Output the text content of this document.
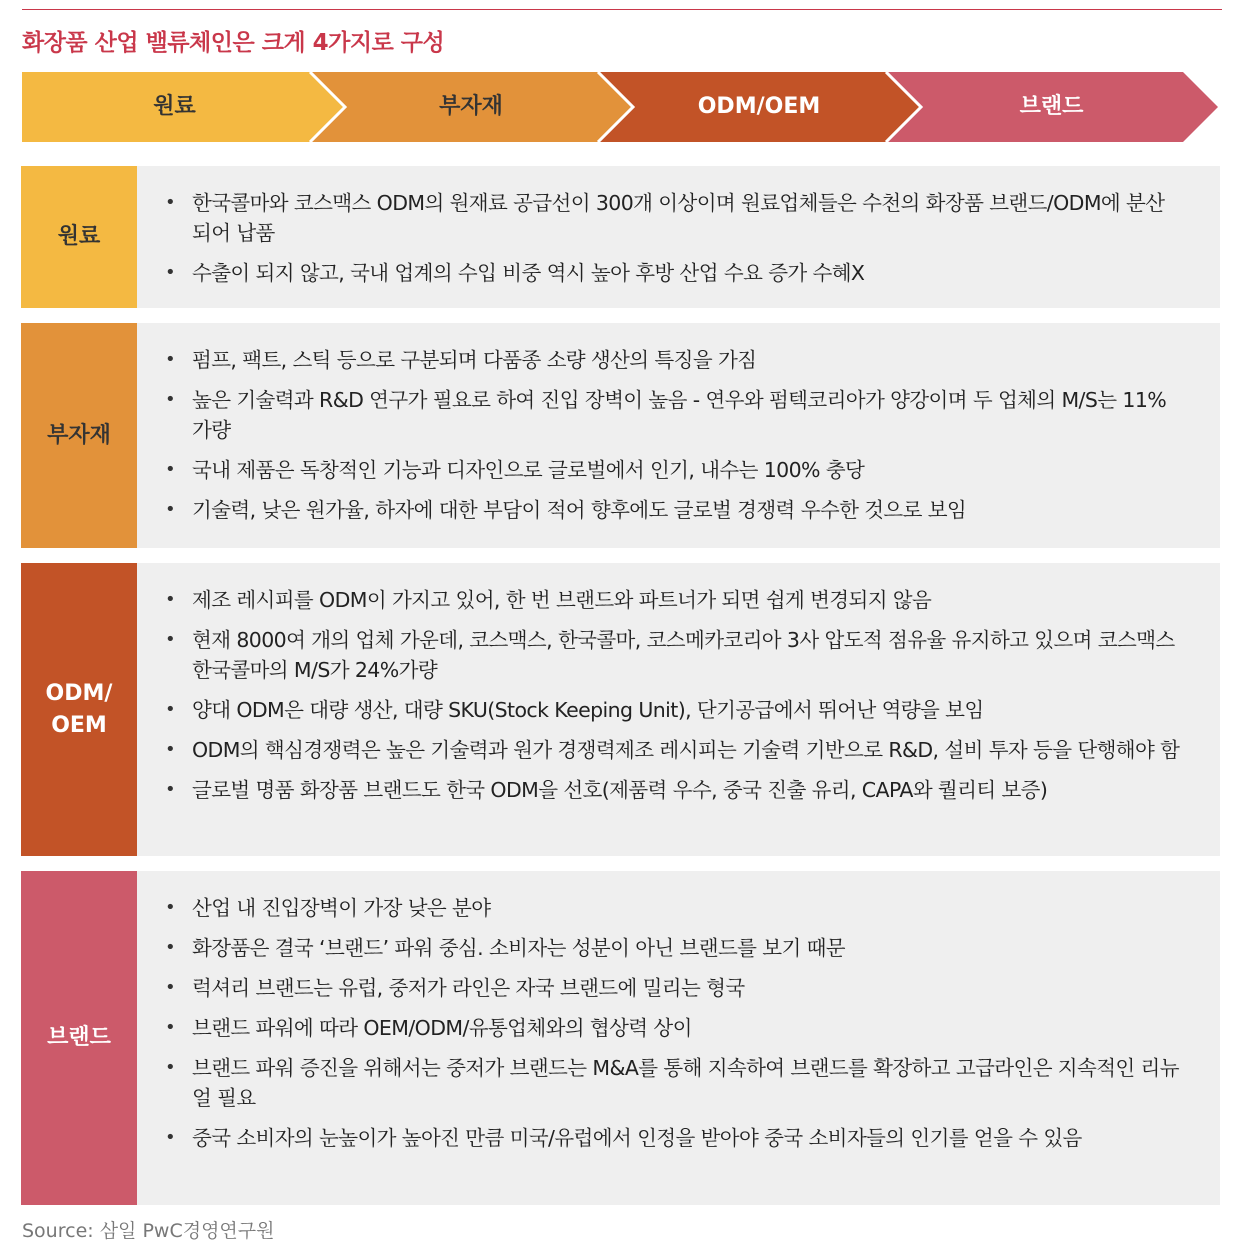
화장품 산업 밸류체인은 크게 4가지로 구성
원료	부자재	ODM/OEM	브랜드
원료
• 한국콜마와 코스맥스 ODM의 원재료 공급선이 300개 이상이며 원료업체들은 수천의 화장품 브랜드/ODM에 분산되어 납품
• 수출이 되지 않고, 국내 업계의 수입 비중 역시 높아 후방 산업 수요 증가 수혜X
부자재
• 펌프, 팩트, 스틱 등으로 구분되며 다품종 소량 생산의 특징을 가짐
• 높은 기술력과 R&D 연구가 필요로 하여 진입 장벽이 높음 - 연우와 펌텍코리아가 양강이며 두 업체의 M/S는 11%가량
• 국내 제품은 독창적인 기능과 디자인으로 글로벌에서 인기, 내수는 100% 충당
• 기술력, 낮은 원가율, 하자에 대한 부담이 적어 향후에도 글로벌 경쟁력 우수한 것으로 보임
ODM/
OEM
• 제조 레시피를 ODM이 가지고 있어, 한 번 브랜드와 파트너가 되면 쉽게 변경되지 않음
• 현재 8000여 개의 업체 가운데, 코스맥스, 한국콜마, 코스메카코리아 3사 압도적 점유율 유지하고 있으며 코스맥스 한국콜마의 M/S가 24%가량
• 양대 ODM은 대량 생산, 대량 SKU(Stock Keeping Unit), 단기공급에서 뛰어난 역량을 보임
• ODM의 핵심경쟁력은 높은 기술력과 원가 경쟁력제조 레시피는 기술력 기반으로 R&D, 설비 투자 등을 단행해야 함
• 글로벌 명품 화장품 브랜드도 한국 ODM을 선호(제품력 우수, 중국 진출 유리, CAPA와 퀄리티 보증)
브랜드
• 산업 내 진입장벽이 가장 낮은 분야
• 화장품은 결국 ‘브랜드’ 파워 중심. 소비자는 성분이 아닌 브랜드를 보기 때문
• 럭셔리 브랜드는 유럽, 중저가 라인은 자국 브랜드에 밀리는 형국
• 브랜드 파워에 따라 OEM/ODM/유통업체와의 협상력 상이
• 브랜드 파워 증진을 위해서는 중저가 브랜드는 M&A를 통해 지속하여 브랜드를 확장하고 고급라인은 지속적인 리뉴얼 필요
• 중국 소비자의 눈높이가 높아진 만큼 미국/유럽에서 인정을 받아야 중국 소비자들의 인기를 얻을 수 있음
Source: 삼일 PwC경영연구원
